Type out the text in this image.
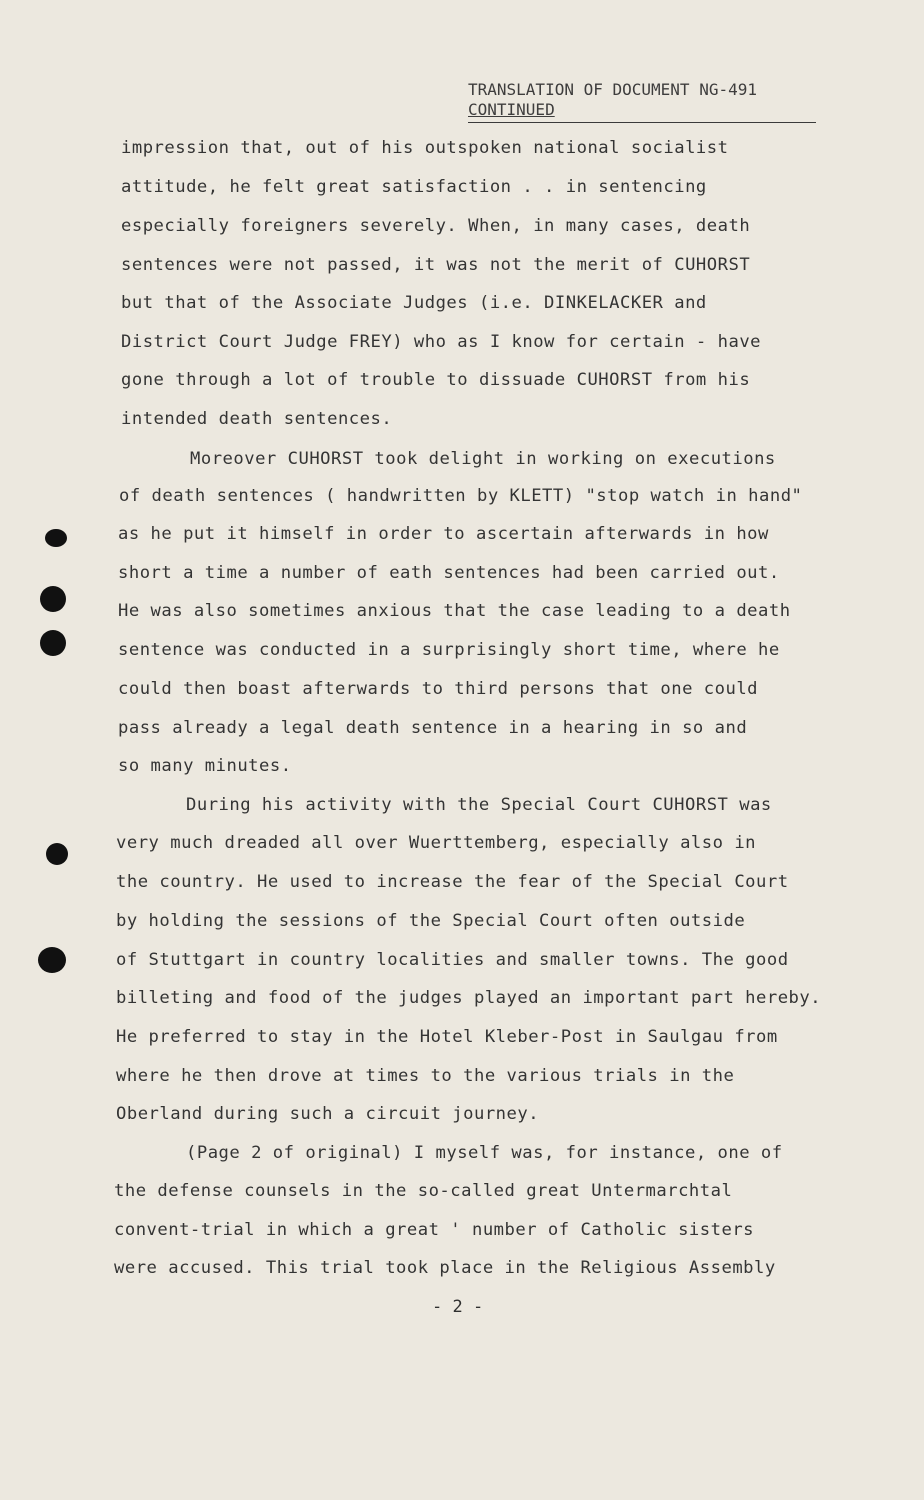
TRANSLATION OF DOCUMENT NG-491
CONTINUED
impression that, out of his outspoken national socialist
attitude, he felt great satisfaction . . in sentencing
especially foreigners severely. When, in many cases, death
sentences were not passed, it was not the merit of CUHORST
but that of the Associate Judges (i.e. DINKELACKER and
District Court Judge FREY) who as I know for certain - have
gone through a lot of trouble to dissuade CUHORST from his
intended death sentences.
Moreover CUHORST took delight in working on executions
of death sentences ( handwritten by KLETT) "stop watch in hand"
as he put it himself in order to ascertain afterwards in how
short a time a number of eath sentences had been carried out.
He was also sometimes anxious that the case leading to a death
sentence was conducted in a surprisingly short time, where he
could then boast afterwards to third persons that one could
pass already a legal death sentence in a hearing in so and
so many minutes.
During his activity with the Special Court CUHORST was
very much dreaded all over Wuerttemberg, especially also in
the country. He used to increase the fear of the Special Court
by holding the sessions of the Special Court often outside
of Stuttgart in country localities and smaller towns. The good
billeting and food of the judges played an important part hereby.
He preferred to stay in the Hotel Kleber-Post in Saulgau from
where he then drove at times to the various trials in the
Oberland during such a circuit journey.
(Page 2 of original) I myself was, for instance, one of
the defense counsels in the so-called great Untermarchtal
convent-trial in which a great ' number of Catholic sisters
were accused. This trial took place in the Religious Assembly
- 2 -
